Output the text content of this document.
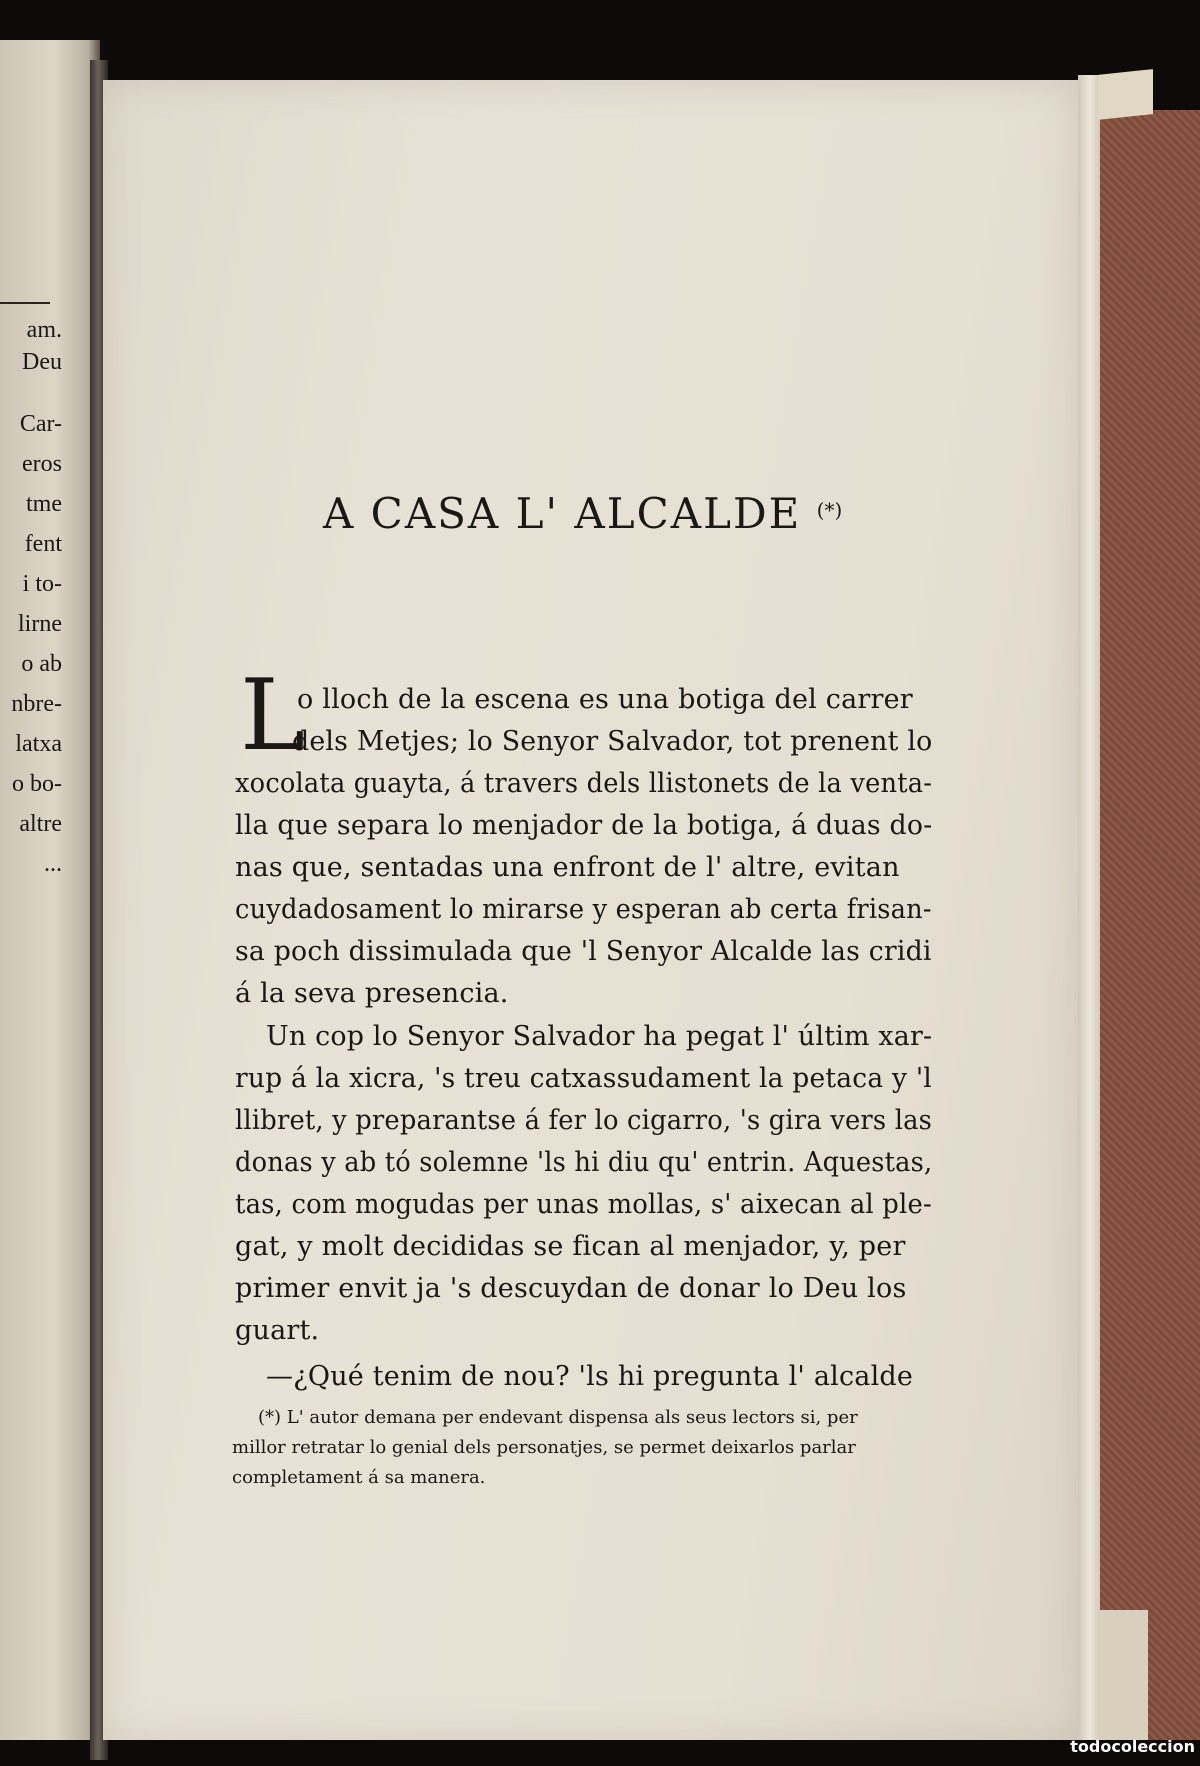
am.
Deu
Car-
eros
tme
fent
i to-
lirne
o ab
nbre-
latxa
o bo-
altre
...
A CASA L' ALCALDE (*)
L
o lloch de la escena es una botiga del carrer
dels Metjes; lo Senyor Salvador, tot prenent lo
xocolata guayta, á travers dels llistonets de la venta-
lla que separa lo menjador de la botiga, á duas do-
nas que, sentadas una enfront de l' altre, evitan
cuydadosament lo mirarse y esperan ab certa frisan-
sa poch dissimulada que 'l Senyor Alcalde las cridi
á la seva presencia.
Un cop lo Senyor Salvador ha pegat l' últim xar-
rup á la xicra, 's treu catxassudament la petaca y 'l
llibret, y preparantse á fer lo cigarro, 's gira vers las
donas y ab tó solemne 'ls hi diu qu' entrin. Aquestas,
tas, com mogudas per unas mollas, s' aixecan al ple-
gat, y molt decididas se fican al menjador, y, per
primer envit ja 's descuydan de donar lo Deu los
guart.
—¿Qué tenim de nou? 'ls hi pregunta l' alcalde
(*) L' autor demana per endevant dispensa als seus lectors si, per
millor retratar lo genial dels personatjes, se permet deixarlos parlar
completament á sa manera.
todocoleccion
